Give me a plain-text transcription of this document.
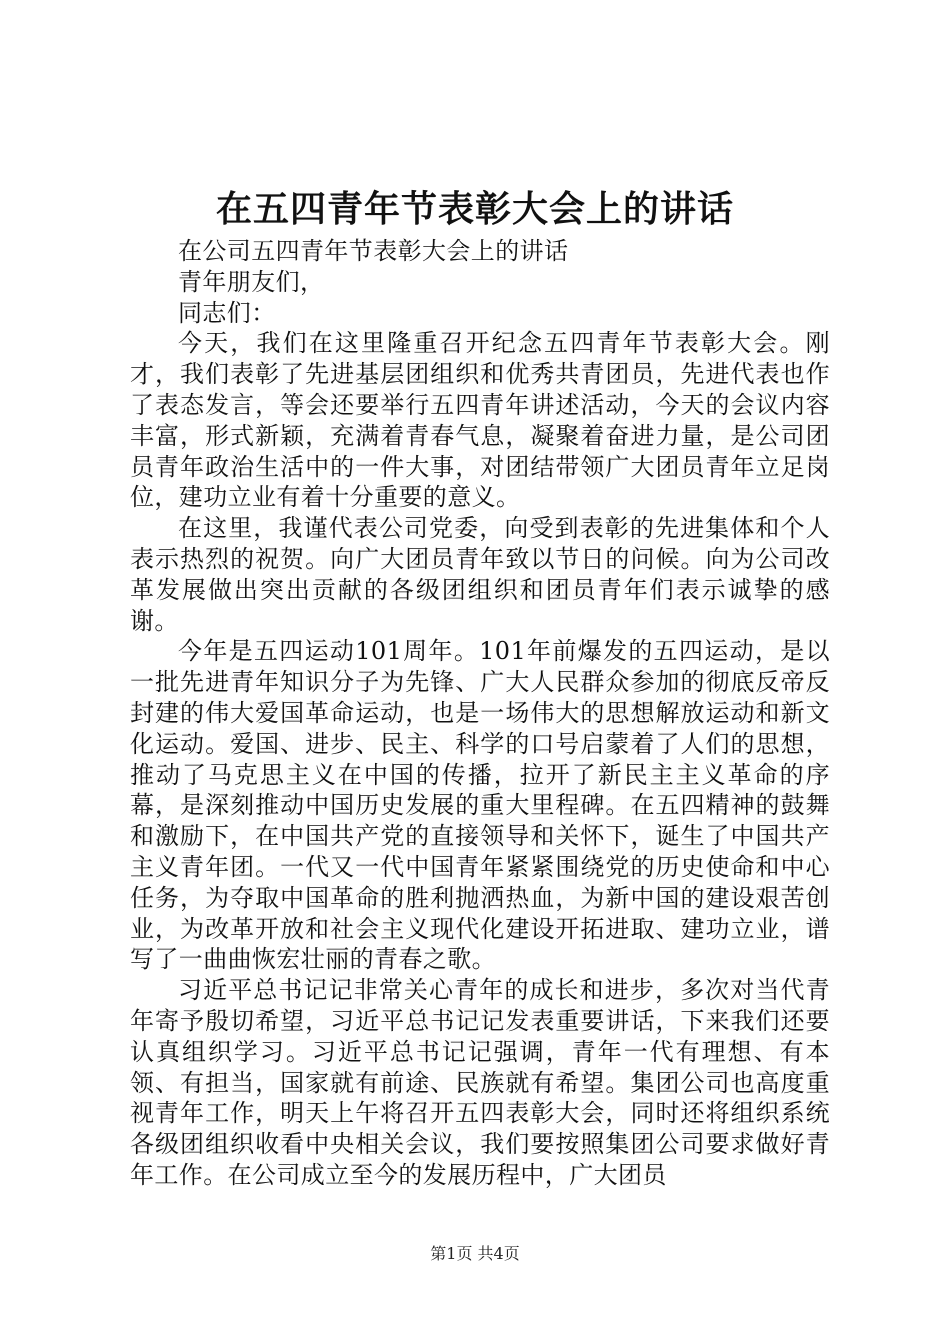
在五四青年节表彰大会上的讲话

在公司五四青年节表彰大会上的讲话

青年朋友们，

同志们：

今天，我们在这里隆重召开纪念五四青年节表彰大会。刚才，我们表彰了先进基层团组织和优秀共青团员，先进代表也作了表态发言，等会还要举行五四青年讲述活动，今天的会议内容丰富，形式新颖，充满着青春气息，凝聚着奋进力量，是公司团员青年政治生活中的一件大事，对团结带领广大团员青年立足岗位，建功立业有着十分重要的意义。

在这里，我谨代表公司党委，向受到表彰的先进集体和个人表示热烈的祝贺。向广大团员青年致以节日的问候。向为公司改革发展做出突出贡献的各级团组织和团员青年们表示诚挚的感谢。

今年是五四运动101周年。101年前爆发的五四运动，是以一批先进青年知识分子为先锋、广大人民群众参加的彻底反帝反封建的伟大爱国革命运动，也是一场伟大的思想解放运动和新文化运动。爱国、进步、民主、科学的口号启蒙着了人们的思想，推动了马克思主义在中国的传播，拉开了新民主主义革命的序幕，是深刻推动中国历史发展的重大里程碑。在五四精神的鼓舞和激励下，在中国共产党的直接领导和关怀下，诞生了中国共产主义青年团。一代又一代中国青年紧紧围绕党的历史使命和中心任务，为夺取中国革命的胜利抛洒热血，为新中国的建设艰苦创业，为改革开放和社会主义现代化建设开拓进取、建功立业，谱写了一曲曲恢宏壮丽的青春之歌。

习近平总书记记非常关心青年的成长和进步，多次对当代青年寄予殷切希望，习近平总书记记发表重要讲话，下来我们还要认真组织学习。习近平总书记记强调，青年一代有理想、有本领、有担当，国家就有前途、民族就有希望。集团公司也高度重视青年工作，明天上午将召开五四表彰大会，同时还将组织系统各级团组织收看中央相关会议，我们要按照集团公司要求做好青年工作。在公司成立至今的发展历程中，广大团员

第1页 共4页
